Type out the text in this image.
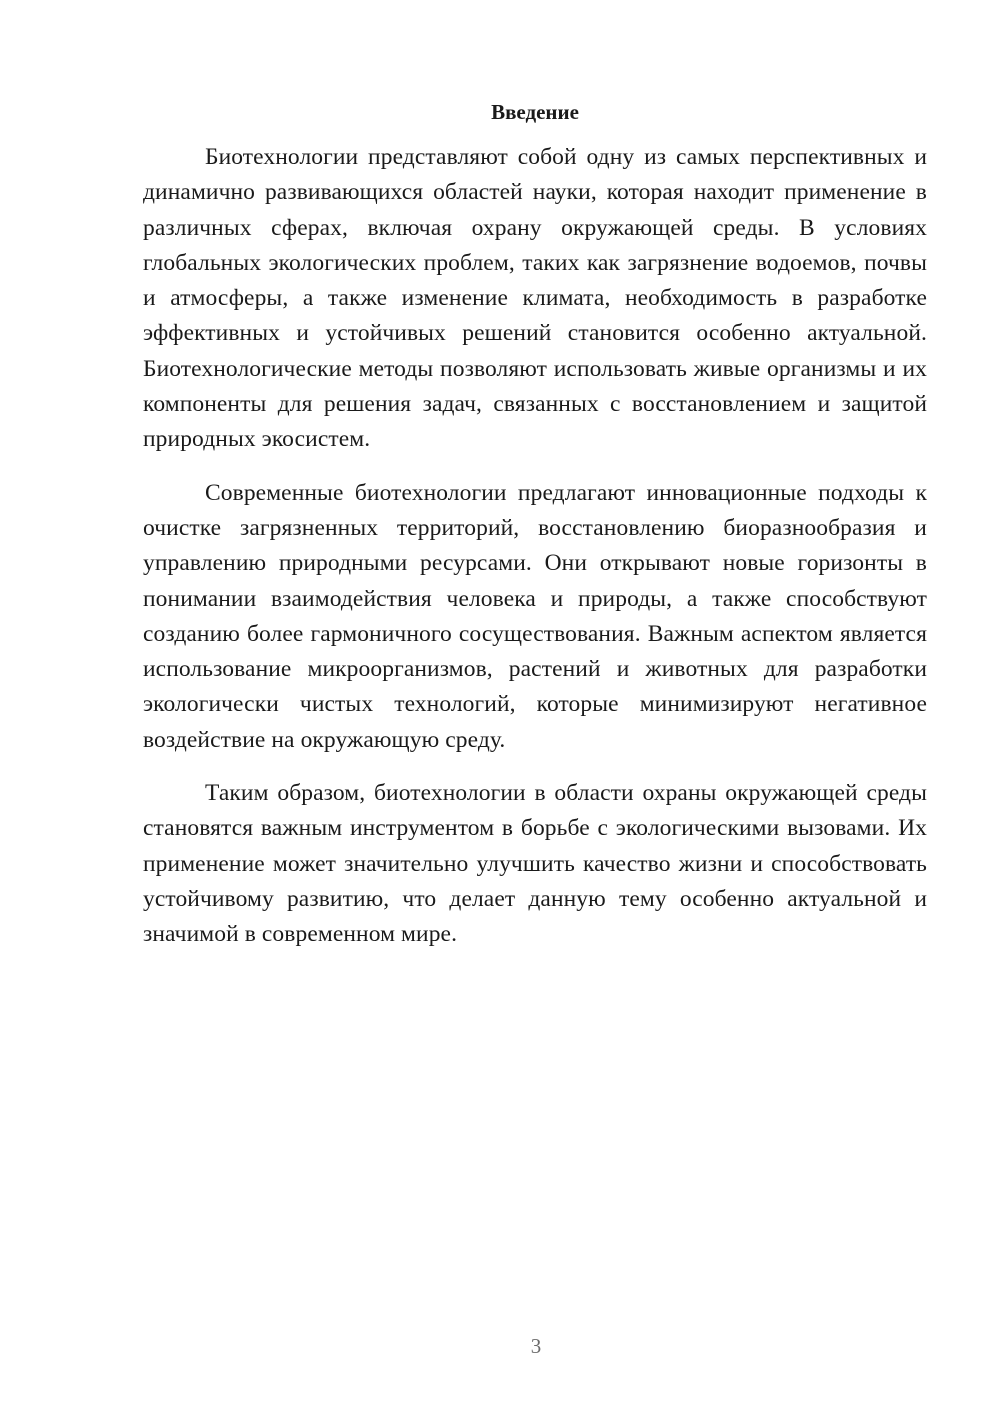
Введение

Биотехнологии представляют собой одну из самых перспективных и динамично развивающихся областей науки, которая находит применение в различных сферах, включая охрану окружающей среды. В условиях глобальных экологических проблем, таких как загрязнение водоемов, почвы и атмосферы, а также изменение климата, необходимость в разработке эффективных и устойчивых решений становится особенно актуальной. Биотехнологические методы позволяют использовать живые организмы и их компоненты для решения задач, связанных с восстановлением и защитой природных экосистем.

Современные биотехнологии предлагают инновационные подходы к очистке загрязненных территорий, восстановлению биоразнообразия и управлению природными ресурсами. Они открывают новые горизонты в понимании взаимодействия человека и природы, а также способствуют созданию более гармоничного сосуществования. Важным аспектом является использование микроорганизмов, растений и животных для разработки экологически чистых технологий, которые минимизируют негативное воздействие на окружающую среду.

Таким образом, биотехнологии в области охраны окружающей среды становятся важным инструментом в борьбе с экологическими вызовами. Их применение может значительно улучшить качество жизни и способствовать устойчивому развитию, что делает данную тему особенно актуальной и значимой в современном мире.

3
